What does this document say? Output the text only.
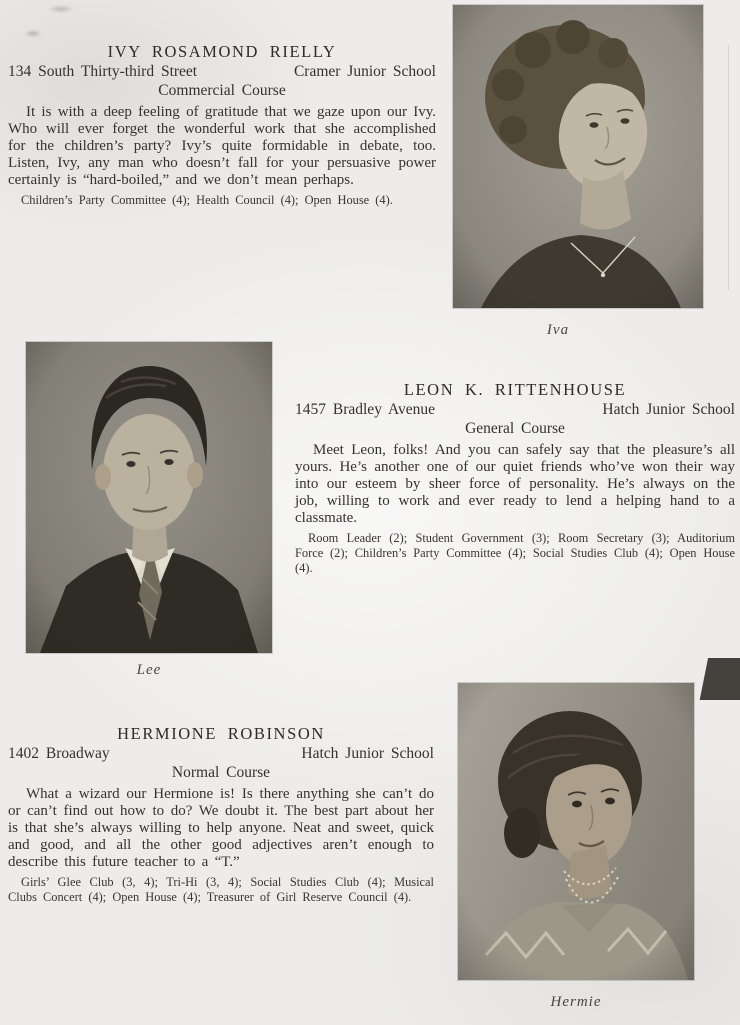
IVY ROSAMOND RIELLY
134 South Thirty-third Street	Cramer Junior School
Commercial Course

It is with a deep feeling of gratitude that we gaze upon our Ivy. Who will ever forget the wonderful work that she accomplished for the children’s party? Ivy’s quite formidable in debate, too. Listen, Ivy, any man who doesn’t fall for your persuasive power certainly is “hard-boiled,” and we don’t mean perhaps.

Children’s Party Committee (4); Health Council (4); Open House (4).

Iva
LEON K. RITTENHOUSE
1457 Bradley Avenue	Hatch Junior School
General Course

Meet Leon, folks! And you can safely say that the pleasure’s all yours. He’s another one of our quiet friends who’ve won their way into our esteem by sheer force of personality. He’s always on the job, willing to work and ever ready to lend a helping hand to a classmate.

Room Leader (2); Student Government (3); Room Secretary (3); Auditorium Force (2); Children’s Party Committee (4); Social Studies Club (4); Open House (4).

Lee
HERMIONE ROBINSON
1402 Broadway	Hatch Junior School
Normal Course

What a wizard our Hermione is! Is there anything she can’t do or can’t find out how to do? We doubt it. The best part about her is that she’s always willing to help anyone. Neat and sweet, quick and good, and all the other good adjectives aren’t enough to describe this future teacher to a “T.”

Girls’ Glee Club (3, 4); Tri-Hi (3, 4); Social Studies Club (4); Musical Clubs Concert (4); Open House (4); Treasurer of Girl Reserve Council (4).

Hermie
